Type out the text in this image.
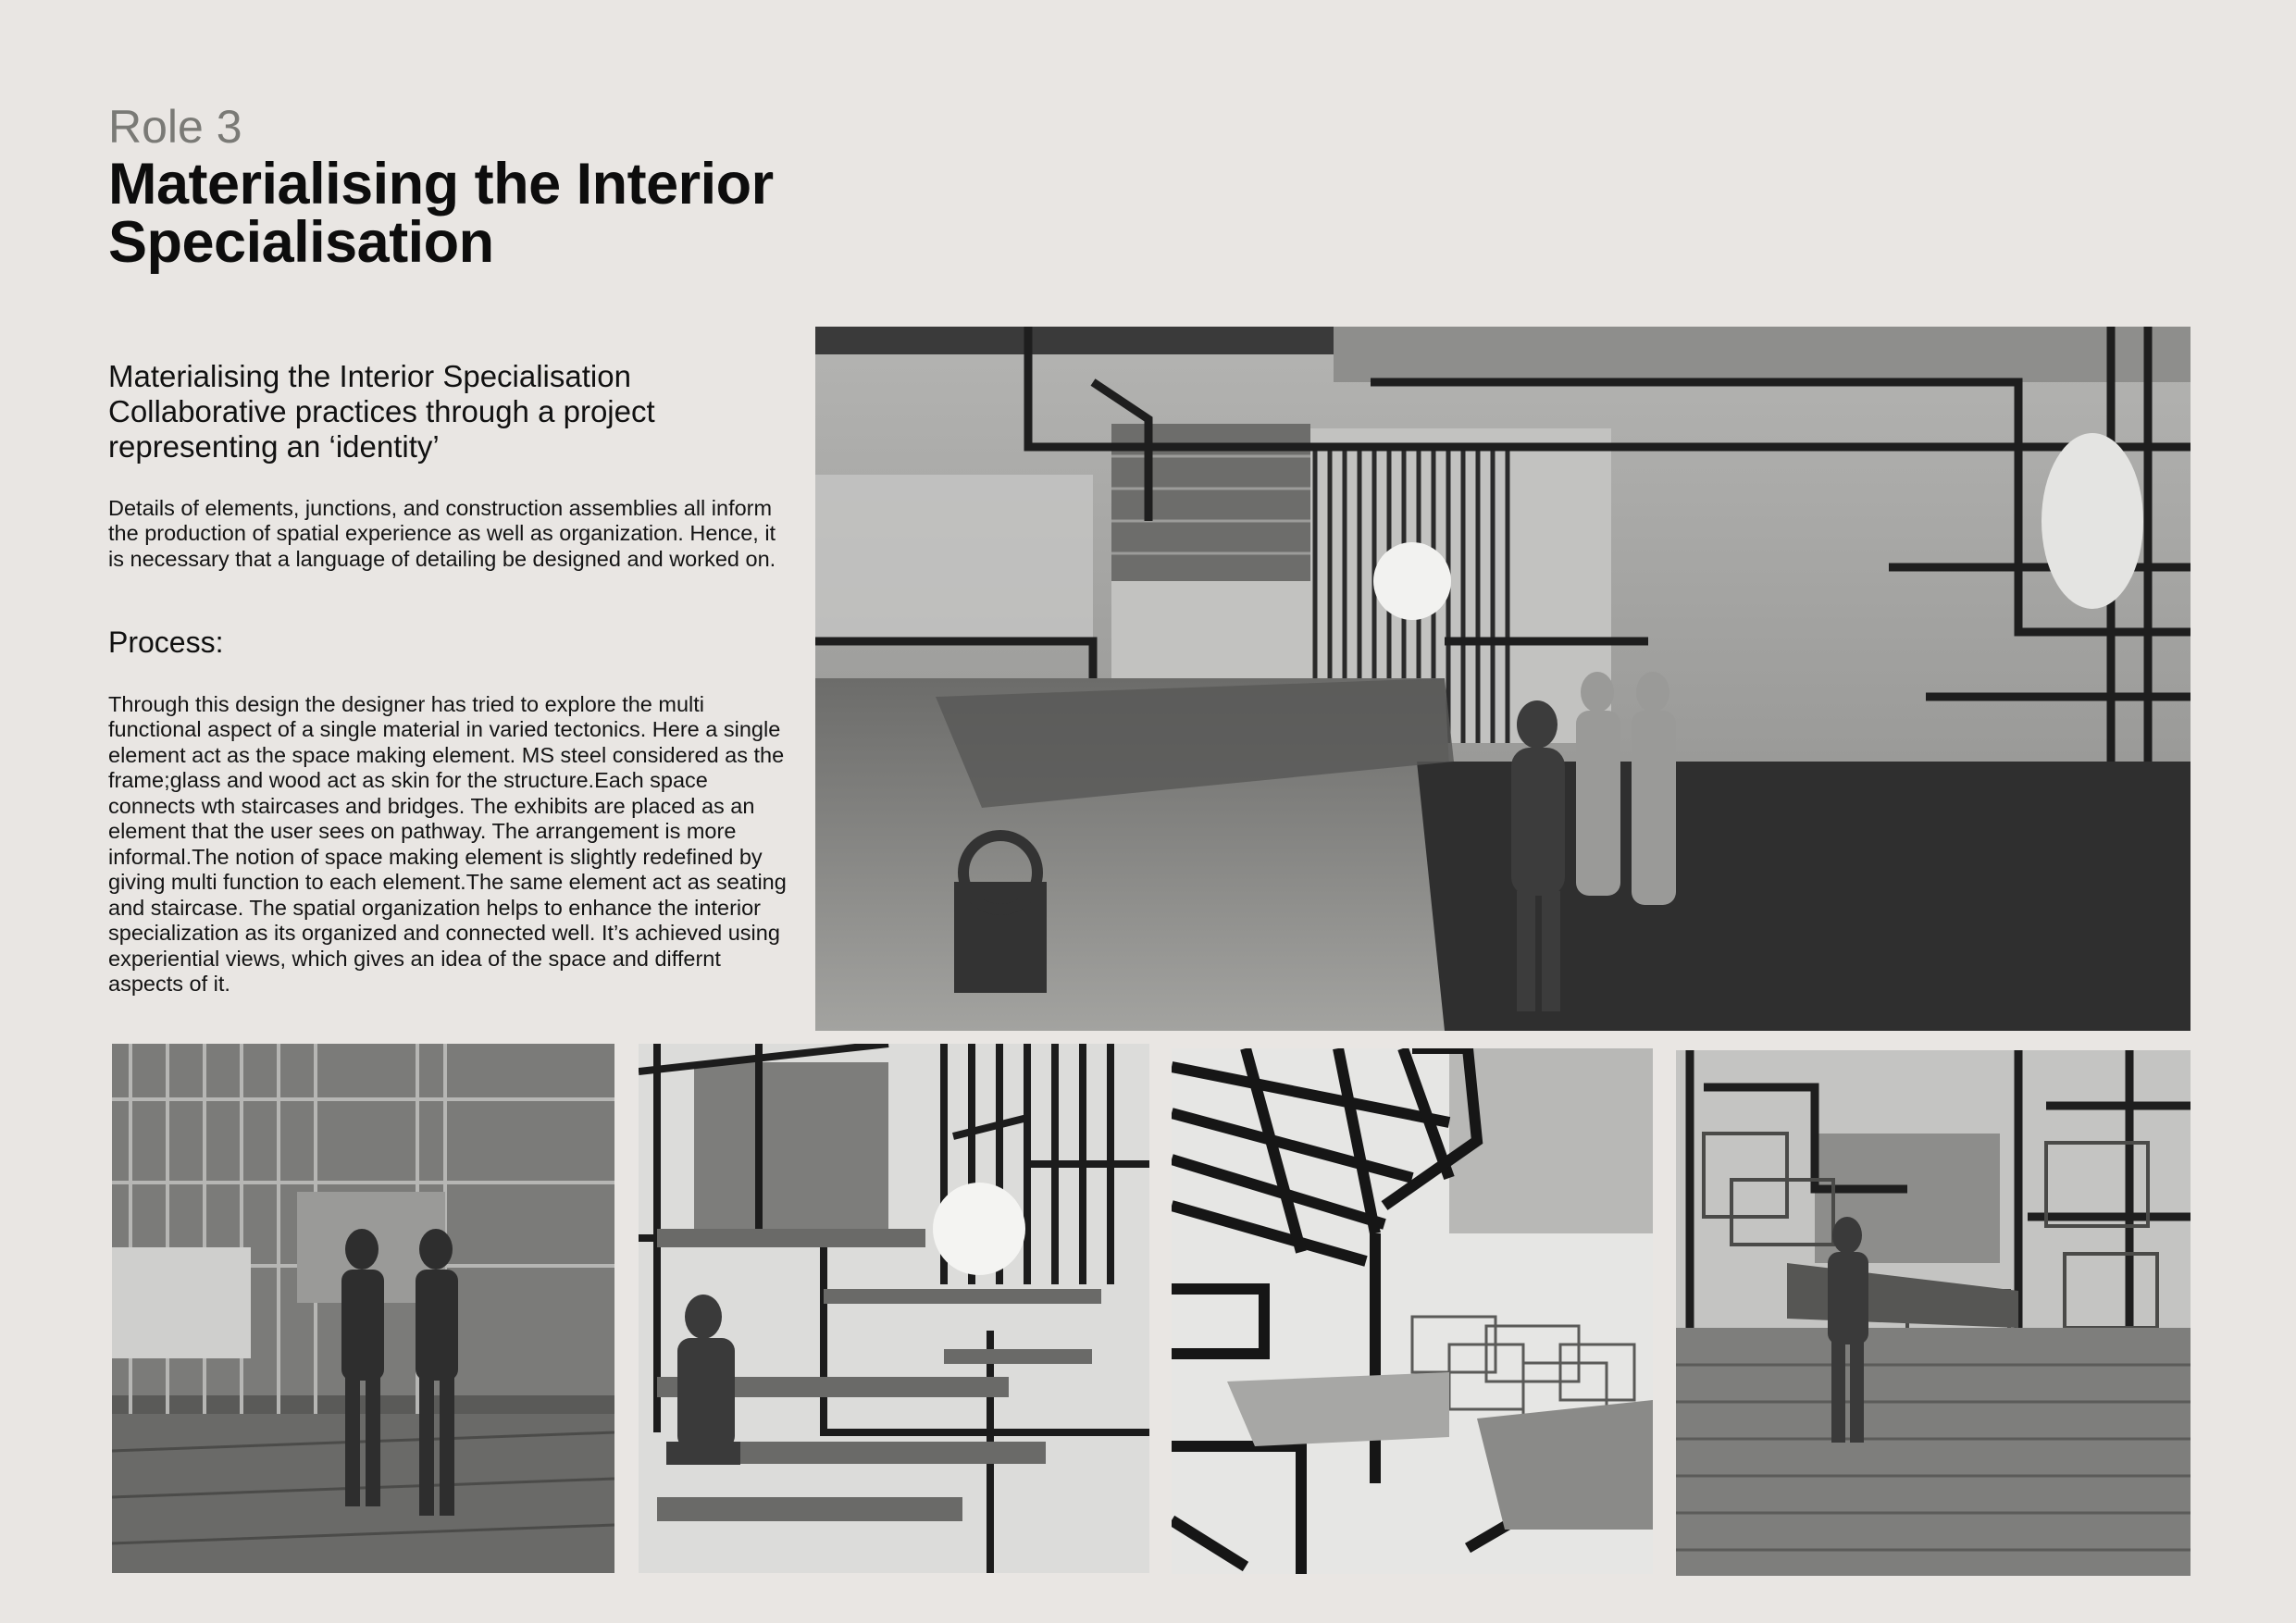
Role 3
Materialising the Interior Specialisation
Materialising the Interior Specialisation Collaborative practices through a project representing an ‘identity’
Details of elements, junctions, and construction assemblies all inform the production of spatial experience as well as organization. Hence, it is necessary that a language of detailing be designed and worked on.
Process:
Through this design the designer has tried to explore the multi functional aspect of a single material in varied tectonics. Here a single element act as the space making element. MS steel considered as the frame;glass and wood act as skin for the structure.Each space connects wth staircases and bridges. The exhibits are placed as an element that the user sees on pathway. The arrangement is more informal.The notion of space making element is slightly redefined by giving multi function to each element.The same element act as seating and staircase. The spatial organization helps to enhance the interior specialization as its organized and connected well. It’s achieved using experiential views, which gives an idea of the space and differnt aspects of it.
